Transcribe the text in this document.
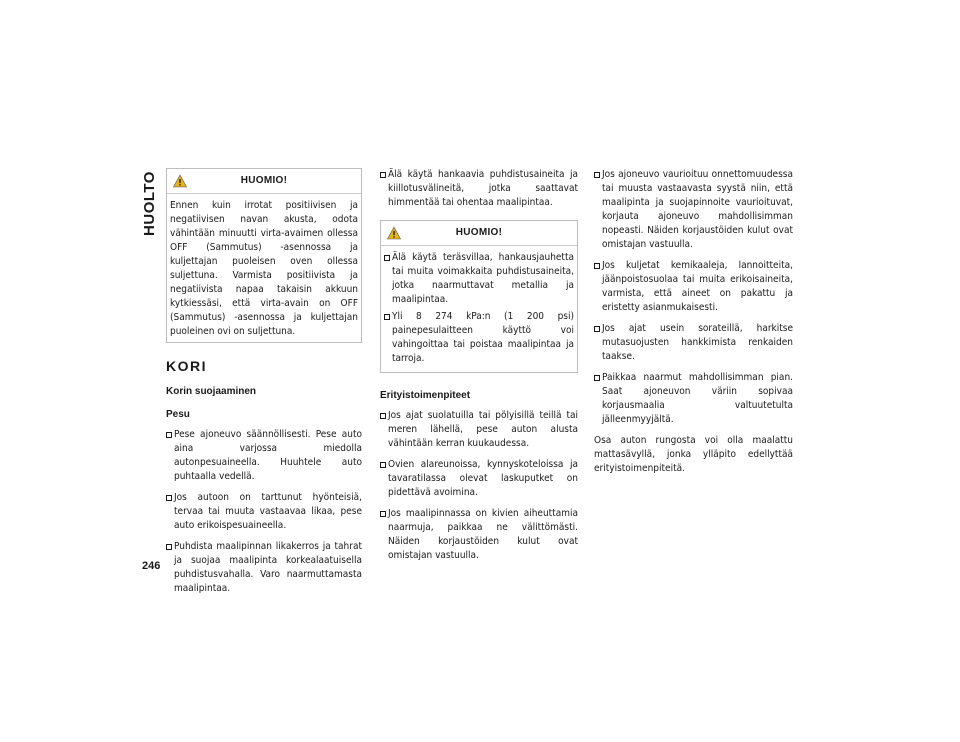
HUOLTO
246
HUOMIO!

Ennen kuin irrotat positiivisen ja negatiivisen navan akusta, odota vähintään minuutti virta-avaimen ollessa OFF (Sammutus) -asennossa ja kuljettajan puoleisen oven ollessa suljettuna. Varmista positiivista ja negatiivista napaa takaisin akkuun kytkiessäsi, että virta-avain on OFF (Sammutus) -asennossa ja kuljettajan puoleinen ovi on suljettuna.

KORI
Korin suojaaminen
Pesu
Pese ajoneuvo säännöllisesti. Pese auto aina varjossa miedolla autonpesuaineella. Huuhtele auto puhtaalla vedellä.
Jos autoon on tarttunut hyönteisiä, tervaa tai muuta vastaavaa likaa, pese auto erikoispesuaineella.
Puhdista maalipinnan likakerros ja tahrat ja suojaa maalipinta korkealaatuisella puhdistusvahalla. Varo naarmuttamasta maalipintaa.
Älä käytä hankaavia puhdistusaineita ja kiillotusvälineitä, jotka saattavat himmentää tai ohentaa maalipintaa.
HUOMIO!
Älä käytä teräsvillaa, hankausjauhetta tai muita voimakkaita puhdistusaineita, jotka naarmuttavat metallia ja maalipintaa.
Yli 8 274 kPa:n (1 200 psi) painepesulaitteen käyttö voi vahingoittaa tai poistaa maalipintaa ja tarroja.
Erityistoimenpiteet
Jos ajat suolatuilla tai pölyisillä teillä tai meren lähellä, pese auton alusta vähintään kerran kuukaudessa.
Ovien alareunoissa, kynnyskoteloissa ja tavaratilassa olevat laskuputket on pidettävä avoimina.
Jos maalipinnassa on kivien aiheuttamia naarmuja, paikkaa ne välittömästi. Näiden korjaustöiden kulut ovat omistajan vastuulla.
Jos ajoneuvo vaurioituu onnettomuudessa tai muusta vastaavasta syystä niin, että maalipinta ja suojapinnoite vaurioituvat, korjauta ajoneuvo mahdollisimman nopeasti. Näiden korjaustöiden kulut ovat omistajan vastuulla.
Jos kuljetat kemikaaleja, lannoitteita, jäänpoistosuolaa tai muita erikoisaineita, varmista, että aineet on pakattu ja eristetty asianmukaisesti.
Jos ajat usein sorateillä, harkitse mutasuojusten hankkimista renkaiden taakse.
Paikkaa naarmut mahdollisimman pian. Saat ajoneuvon väriin sopivaa korjausmaalia valtuutetulta jälleenmyyjältä.

Osa auton rungosta voi olla maalattu mattasävyllä, jonka ylläpito edellyttää erityistoimenpiteitä.
